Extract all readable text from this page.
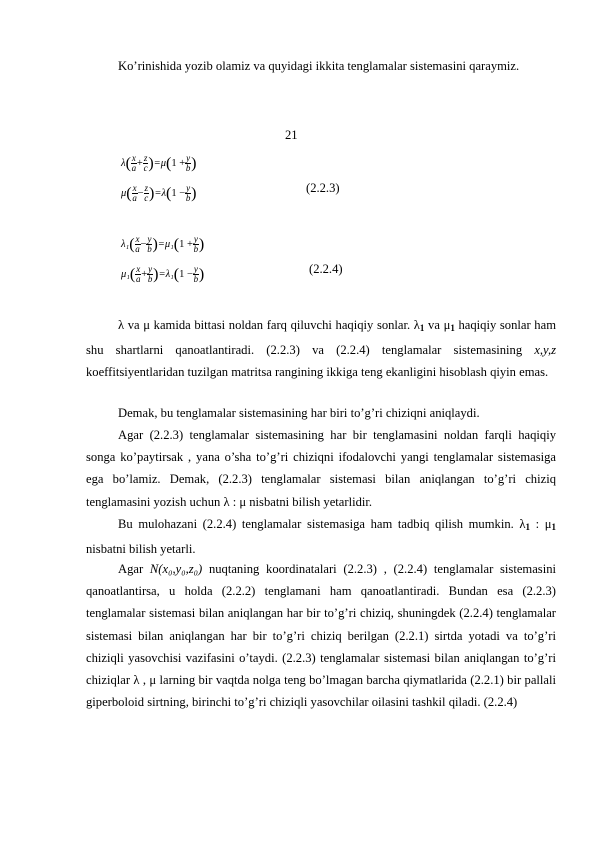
Ko’rinishida yozib olamiz va quyidagi ikkita tenglamalar sistemasini qaraymiz.

21
$\lambda( \frac{x}{a} + \frac{z}{c} )=\mu(1 + \frac{y}{b}$ )
$\mu( \frac{x}{a} - \frac{z}{c} )=\lambda(1 - \frac{y}{b}$ )	(2.2.3)
$\lambda_1( \frac{x}{a} - \frac{y}{b} )=\mu_1(1 + \frac{y}{b}$ )
$\mu_1( \frac{x}{a} + \frac{y}{b} )=\lambda_1(1 - \frac{y}{b}$ )	(2.2.4)

λ va μ kamida bittasi noldan farq qiluvchi haqiqiy sonlar. λ1 va μ1 haqiqiy sonlar ham shu shartlarni qanoatlantiradi. (2.2.3) va (2.2.4) tenglamalar sistemasining x,y,z koeffitsiyentlaridan tuzilgan matritsa rangining ikkiga teng ekanligini hisoblash qiyin emas.

Demak, bu tenglamalar sistemasining har biri to’g’ri chiziqni aniqlaydi.

Agar (2.2.3) tenglamalar sistemasining har bir tenglamasini noldan farqli haqiqiy songa ko’paytirsak , yana o’sha to’g’ri chiziqni ifodalovchi yangi tenglamalar sistemasiga ega bo’lamiz. Demak, (2.2.3) tenglamalar sistemasi bilan aniqlangan to’g’ri chiziq tenglamasini yozish uchun λ : μ nisbatni bilish yetarlidir.

Bu mulohazani (2.2.4) tenglamalar sistemasiga ham tadbiq qilish mumkin. λ1 : μ1 nisbatni bilish yetarli.

Agar N(x₀,y₀,z₀) nuqtaning koordinatalari (2.2.3) , (2.2.4) tenglamalar sistemasini qanoatlantirsa, u holda (2.2.2) tenglamani ham qanoatlantiradi. Bundan esa (2.2.3) tenglamalar sistemasi bilan aniqlangan har bir to’g’ri chiziq, shuningdek (2.2.4) tenglamalar sistemasi bilan aniqlangan har bir to’g’ri chiziq berilgan (2.2.1) sirtda yotadi va to’g’ri chiziqli yasovchisi vazifasini o’taydi. (2.2.3) tenglamalar sistemasi bilan aniqlangan to’g’ri chiziqlar λ , μ larning bir vaqtda nolga teng bo’lmagan barcha qiymatlarida (2.2.1) bir pallali giperboloid sirtning, birinchi to’g’ri chiziqli yasovchilar oilasini tashkil qiladi. (2.2.4)
